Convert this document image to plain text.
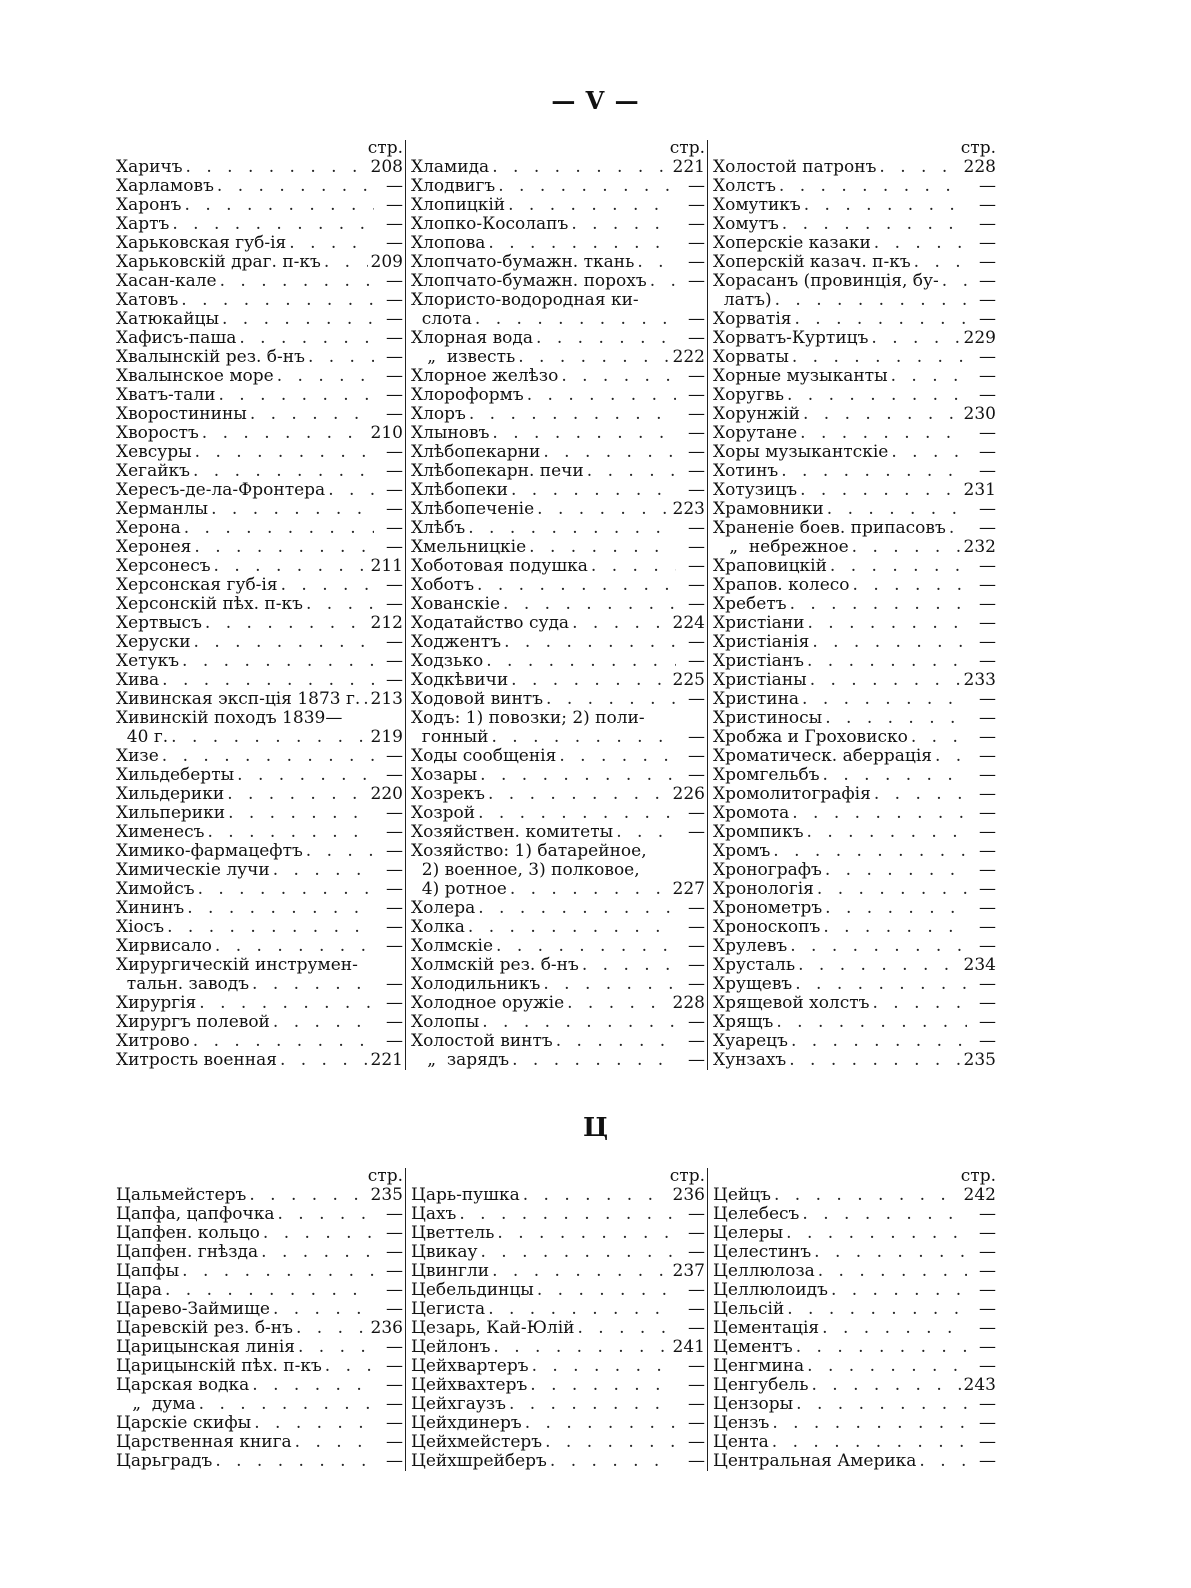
— V —
стр.
Харичъ . . .	208
Харламовъ . . .	—
Харонъ . . .	—
Хартъ . . .	—
Харьковская губ-ія . . .	—
Харьковскій драг. п-къ . . .	209
Хасан-кале . . .	—
Хатовъ . . .	—
Хатюкайцы . . .	—
Хафисъ-паша . . .	—
Хвалынскій рез. б-нъ . . .	—
Хвалынское море . . .	—
Хватъ-тали . . .	—
Хворостинины . . .	—
Хворостъ . . .	210
Хевсуры . . .	—
Хегайкъ . . .	—
Хересъ-де-ла-Фронтера . . .	—
Херманлы . . .	—
Херона . . .	—
Херонея . . .	—
Херсонесъ . . .	211
Херсонская губ-ія . . .	—
Херсонскій пѣх. п-къ . . .	—
Хертвысъ . . .	212
Херуски . . .	—
Хетукъ . . .	—
Хива . . .	—
Хивинская эксп-ція 1873 г. . . . 213
Хивинскій походъ 1839—
40 г. . . .	219
Хизе . . .	—
Хильдеберты . . .	—
Хильдерики . . .	220
Хильперики . . .	—
Хименесъ . . .	—
Химико-фармацефтъ . . .	—
Химическіе лучи . . .	—
Химойсъ . . .	—
Хининъ . . .	—
Хіосъ . . .	—
Хирвисало . . .	—
Хирургическій инструмен-
тальн. заводъ . . .	—
Хирургія . . .	—
Хирургъ полевой . . .	—
Хитрово . . .	—
Хитрость военная . . .	221
стр.
Хламида . . .	221
Хлодвигъ . . .	—
Хлопицкій . . .	—
Хлопко-Косолапъ . . .	—
Хлопова . . .	—
Хлопчато-бумажн. ткань . . .	—
Хлопчато-бумажн. порохъ . . .	—
Хлористо-водородная ки-
слота . . .	—
Хлорная вода . . .	—
„  известь . . .	222
Хлорное желѣзо . . .	—
Хлороформъ . . .	—
Хлоръ . . .	—
Хлыновъ . . .	—
Хлѣбопекарни . . .	—
Хлѣбопекарн. печи . . .	—
Хлѣбопеки . . .	—
Хлѣбопеченіе . . .	223
Хлѣбъ . . .	—
Хмельницкіе . . .	—
Хоботовая подушка . . .	—
Хоботъ . . .	—
Хованскіе . . .	—
Ходатайство суда . . .	224
Ходжентъ . . .	—
Ходзько . . .	—
Ходкѣвичи . . .	225
Ходовой винтъ . . .	—
Ходъ: 1) повозки; 2) поли-
гонный . . .	—
Ходы сообщенія . . .	—
Хозары . . .	—
Хозрекъ . . .	226
Хозрой . . .	—
Хозяйствен. комитеты . . .	—
Хозяйство: 1) батарейное,
2) военное, 3) полковое,
4) ротное . . .	227
Холера . . .	—
Холка . . .	—
Холмскіе . . .	—
Холмскій рез. б-нъ . . .	—
Холодильникъ . . .	—
Холодное оружіе . . .	228
Холопы . . .	—
Холостой винтъ . . .	—
„  зарядъ . . .	—
стр.
Холостой патронъ . . .	228
Холстъ . . .	—
Хомутикъ . . .	—
Хомутъ . . .	—
Хоперскіе казаки . . .	—
Хоперскій казач. п-къ . . .	—
Хорасанъ (провинція, бу- . . .	—
латъ) . . .	—
Хорватія . . .	—
Хорватъ-Куртицъ . . .	229
Хорваты . . .	—
Хорные музыканты . . .	—
Хоругвь . . .	—
Хорунжій . . .	230
Хорутане . . .	—
Хоры музыкантскіе . . .	—
Хотинъ . . .	—
Хотузицъ . . .	231
Храмовники . . .	—
Храненіе боев. припасовъ . . .	—
„  небрежное . . .	232
Храповицкій . . .	—
Храпов. колесо . . .	—
Хребетъ . . .	—
Христіани . . .	—
Христіанія . . .	—
Христіанъ . . .	—
Христіаны . . .	233
Христина . . .	—
Христиносы . . .	—
Хробжа и Гроховиско . . .	—
Хроматическ. аберрація . . .	—
Хромгельбъ . . .	—
Хромолитографія . . .	—
Хромота . . .	—
Хромпикъ . . .	—
Хромъ . . .	—
Хронографъ . . .	—
Хронологія . . .	—
Хронометръ . . .	—
Хроноскопъ . . .	—
Хрулевъ . . .	—
Хрусталь . . .	234
Хрущевъ . . .	—
Хрящевой холстъ . . .	—
Хрящъ . . .	—
Хуарецъ . . .	—
Хунзахъ . . .	235
Ц
стр.
Цальмейстеръ . . .	235
Цапфа, цапфочка . . .	—
Цапфен. кольцо . . .	—
Цапфен. гнѣзда . . .	—
Цапфы . . .	—
Цара . . .	—
Царево-Займище . . .	—
Царевскій рез. б-нъ . . .	236
Царицынская линія . . .	—
Царицынскій пѣх. п-къ . . .	—
Царская водка . . .	—
„  дума . . .	—
Царскіе скифы . . .	—
Царственная книга . . .	—
Царьградъ . . .	—
стр.
Царь-пушка . . .	236
Цахъ . . .	—
Цветтель . . .	—
Цвикау . . .	—
Цвингли . . .	237
Цебельдинцы . . .	—
Цегиста . . .	—
Цезарь, Кай-Юлій . . .	—
Цейлонъ . . .	241
Цейхвартеръ . . .	—
Цейхвахтеръ . . .	—
Цейхгаузъ . . .	—
Цейхдинеръ . . .	—
Цейхмейстеръ . . .	—
Цейхшрейберъ . . .	—
стр.
Цейцъ . . .	242
Целебесъ . . .	—
Целеры . . .	—
Целестинъ . . .	—
Целлюлоза . . .	—
Целлюлоидъ . . .	—
Цельсій . . .	—
Цементація . . .	—
Цементъ . . .	—
Ценгмина . . .	—
Ценгубель . . .	243
Цензоры . . .	—
Цензъ . . .	—
Цента . . .	—
Центральная Америка . . .	—
